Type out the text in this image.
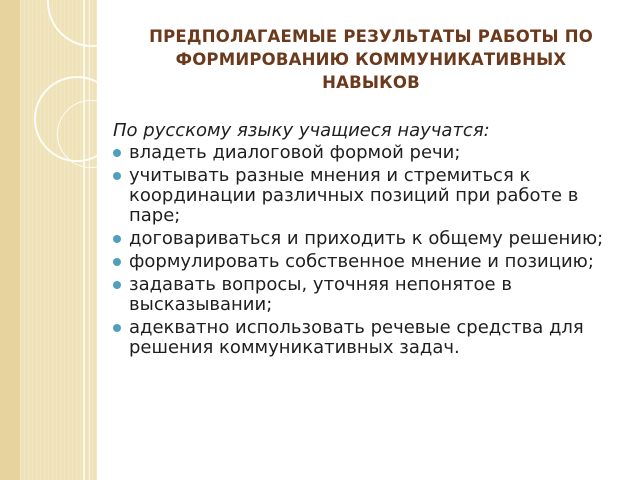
ПРЕДПОЛАГАЕМЫЕ РЕЗУЛЬТАТЫ РАБОТЫ ПО ФОРМИРОВАНИЮ КОММУНИКАТИВНЫХ НАВЫКОВ

По русскому языку учащиеся научатся:

владеть диалоговой формой речи;
учитывать разные мнения и стремиться к координации различных позиций при работе в паре;
договариваться и приходить к общему решению;
формулировать собственное мнение и позицию;
задавать вопросы, уточняя непонятое в высказывании;
адекватно использовать речевые средства для решения коммуникативных задач.
